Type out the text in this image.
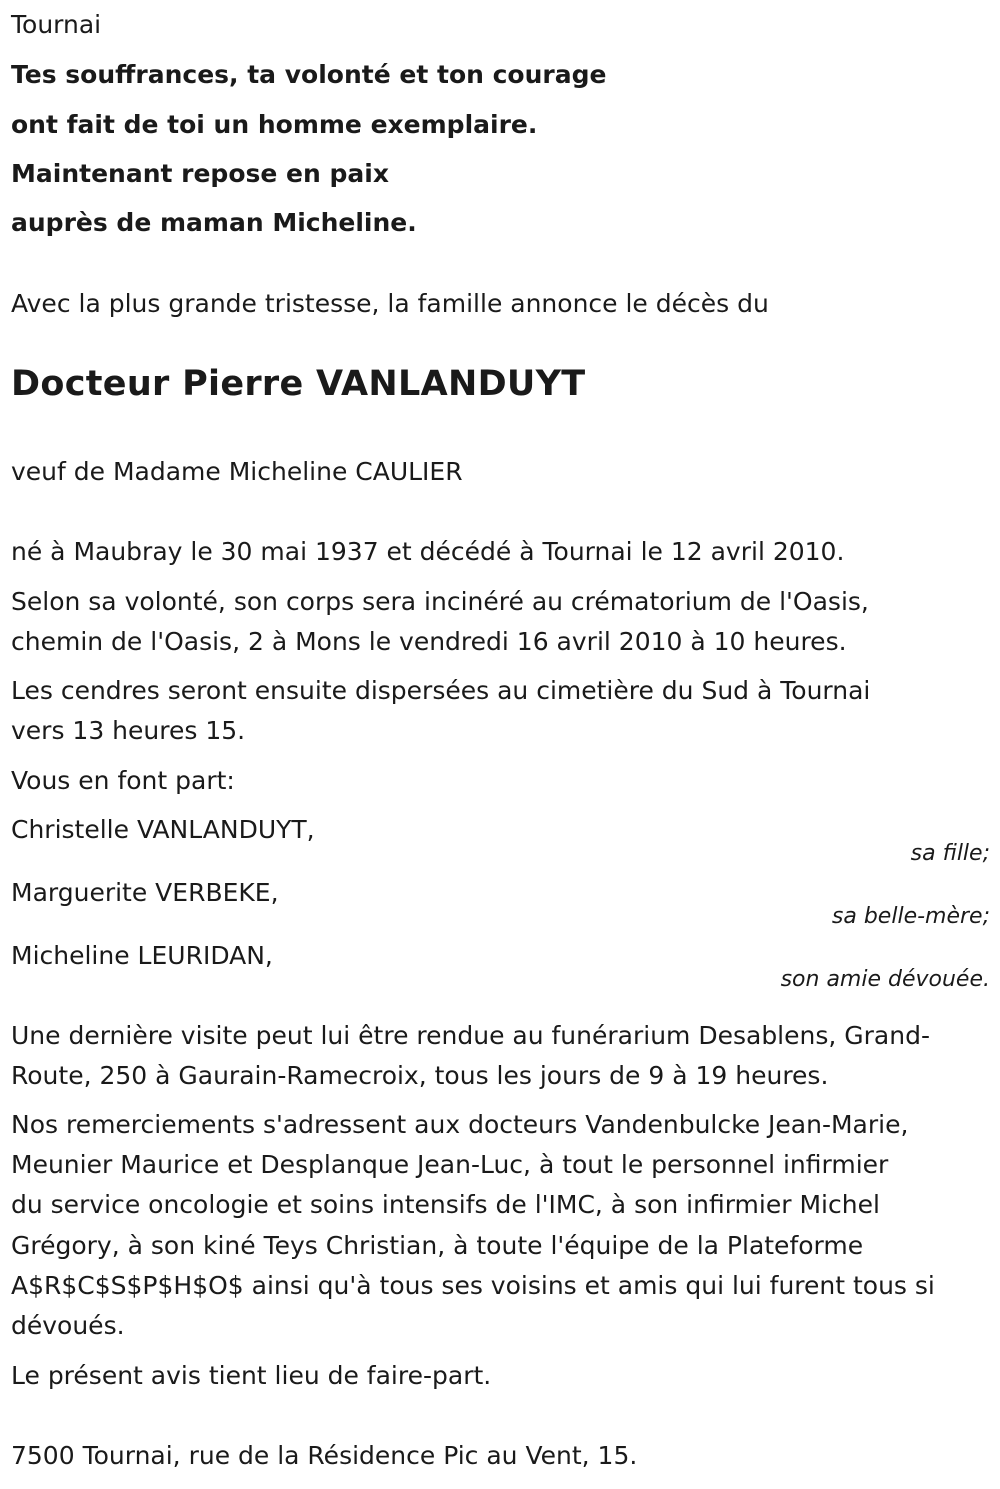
Tournai

Tes souffrances, ta volonté et ton courage

ont fait de toi un homme exemplaire.

Maintenant repose en paix

auprès de maman Micheline.

Avec la plus grande tristesse, la famille annonce le décès du

Docteur Pierre VANLANDUYT

veuf de Madame Micheline CAULIER

né à Maubray le 30 mai 1937 et décédé à Tournai le 12 avril 2010.

Selon sa volonté, son corps sera incinéré au crématorium de l'Oasis,

chemin de l'Oasis, 2 à Mons le vendredi 16 avril 2010 à 10 heures.

Les cendres seront ensuite dispersées au cimetière du Sud à Tournai

vers 13 heures 15.

Vous en font part:

Christelle VANLANDUYT,

sa fille;

Marguerite VERBEKE,

sa belle-mère;

Micheline LEURIDAN,

son amie dévouée.

Une dernière visite peut lui être rendue au funérarium Desablens, Grand-

Route, 250 à Gaurain-Ramecroix, tous les jours de 9 à 19 heures.

Nos remerciements s'adressent aux docteurs Vandenbulcke Jean-Marie,

Meunier Maurice et Desplanque Jean-Luc, à tout le personnel infirmier

du service oncologie et soins intensifs de l'IMC, à son infirmier Michel

Grégory, à son kiné Teys Christian, à toute l'équipe de la Plateforme

A$R$C$S$P$H$O$ ainsi qu'à tous ses voisins et amis qui lui furent tous si

dévoués.

Le présent avis tient lieu de faire-part.

7500 Tournai, rue de la Résidence Pic au Vent, 15.
